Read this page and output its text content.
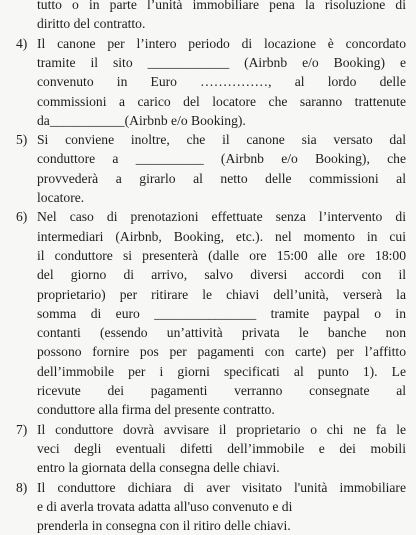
tutto o in parte l’unità immobiliare pena la risoluzione di
diritto del contratto.
4) Il canone per l’intero periodo di locazione è concordato
tramite il sito ____________ (Airbnb e/o Booking) e
convenuto in Euro ……………, al lordo delle
commissioni a carico del locatore che saranno trattenute
da___________(Airbnb e/o Booking).
5) Si conviene inoltre, che il canone sia versato dal
conduttore a __________ (Airbnb e/o Booking), che
provvederà a girarlo al netto delle commissioni al
locatore.
6) Nel caso di prenotazioni effettuate senza l’intervento di
intermediari (Airbnb, Booking, etc.). nel momento in cui
il conduttore si presenterà (dalle ore 15:00 alle ore 18:00
del giorno di arrivo, salvo diversi accordi con il
proprietario) per ritirare le chiavi dell’unità, verserà la
somma di euro _______________ tramite paypal o in
contanti (essendo un’attività privata le banche non
possono fornire pos per pagamenti con carte) per l’affitto
dell’immobile per i giorni specificati al punto 1). Le
ricevute dei pagamenti verranno consegnate al
conduttore alla firma del presente contratto.
7) Il conduttore dovrà avvisare il proprietario o chi ne fa le
veci degli eventuali difetti dell’immobile e dei mobili
entro la giornata della consegna delle chiavi.
8) Il conduttore dichiara di aver visitato l'unità immobiliare
e di averla trovata adatta all'uso convenuto e di
prenderla in consegna con il ritiro delle chiavi.
